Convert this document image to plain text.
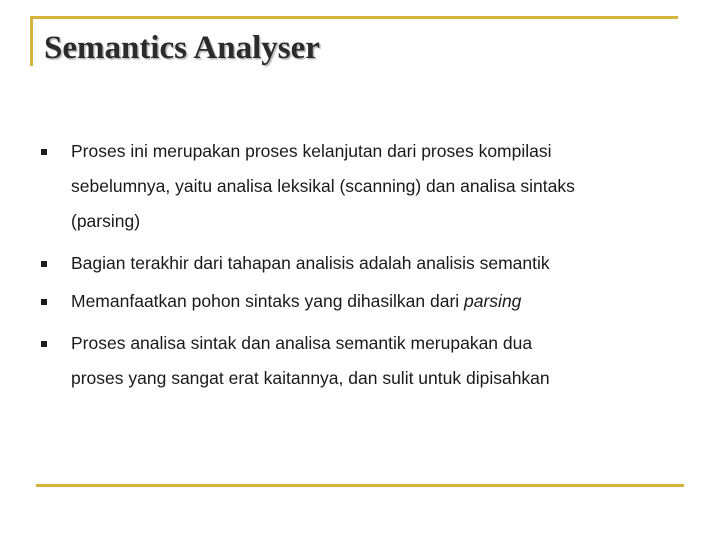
Semantics Analyser
Proses ini merupakan proses kelanjutan dari proses kompilasi
sebelumnya, yaitu analisa leksikal (scanning) dan analisa sintaks
(parsing)
Bagian terakhir dari tahapan analisis adalah analisis semantik
Memanfaatkan pohon sintaks yang dihasilkan dari parsing
Proses analisa sintak dan analisa semantik merupakan dua
proses yang sangat erat kaitannya, dan sulit untuk dipisahkan
